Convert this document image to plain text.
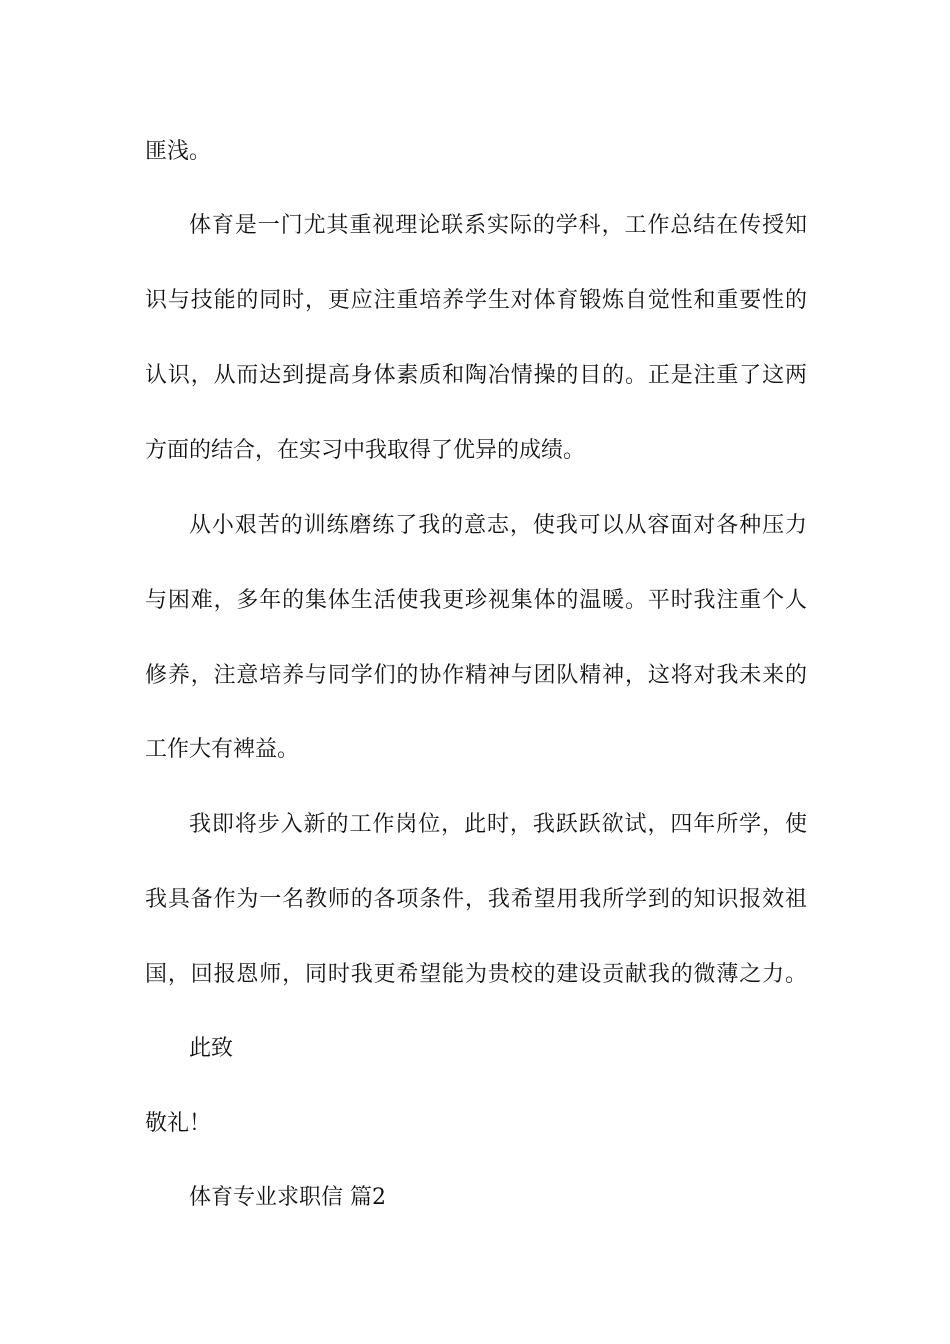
匪浅。
体育是一门尤其重视理论联系实际的学科，工作总结在传授知
识与技能的同时，更应注重培养学生对体育锻炼自觉性和重要性的
认识，从而达到提高身体素质和陶冶情操的目的。正是注重了这两
方面的结合，在实习中我取得了优异的成绩。
从小艰苦的训练磨练了我的意志，使我可以从容面对各种压力
与困难，多年的集体生活使我更珍视集体的温暖。平时我注重个人
修养，注意培养与同学们的协作精神与团队精神，这将对我未来的
工作大有裨益。
我即将步入新的工作岗位，此时，我跃跃欲试，四年所学，使
我具备作为一名教师的各项条件，我希望用我所学到的知识报效祖
国，回报恩师，同时我更希望能为贵校的建设贡献我的微薄之力。
此致
敬礼！
体育专业求职信 篇2
